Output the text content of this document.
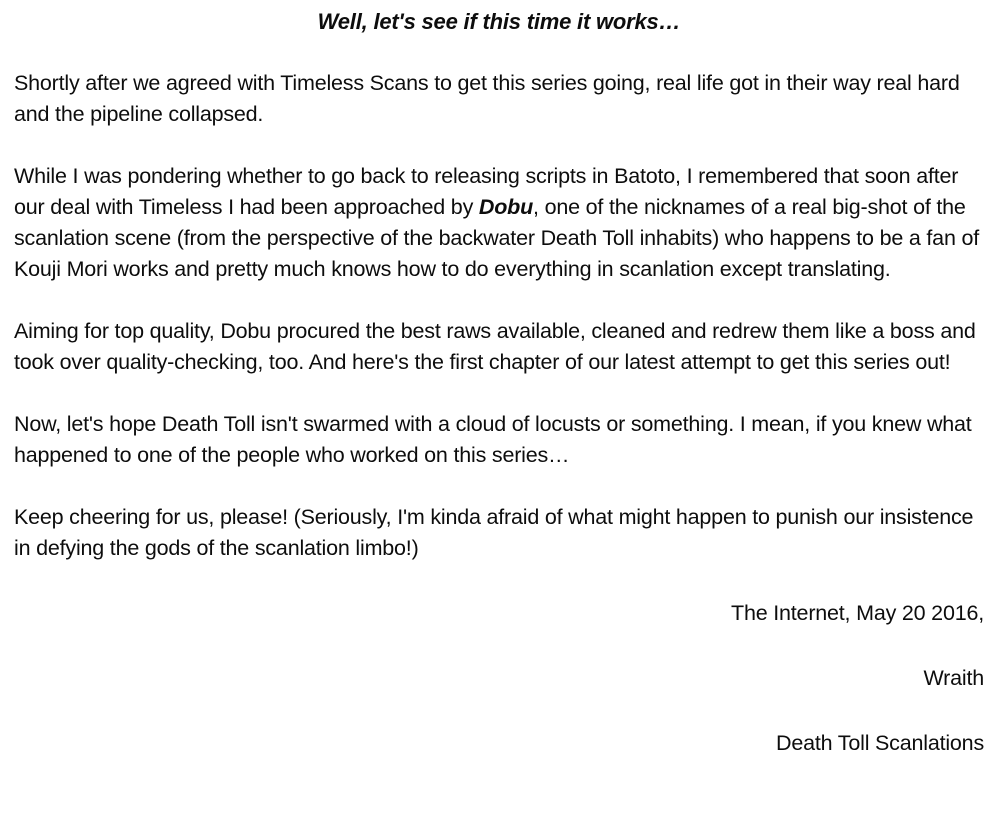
Well, let's see if this time it works…

Shortly after we agreed with Timeless Scans to get this series going, real life got in their way real hard and the pipeline collapsed.

While I was pondering whether to go back to releasing scripts in Batoto, I remembered that soon after our deal with Timeless I had been approached by Dobu, one of the nicknames of a real big-shot of the scanlation scene (from the perspective of the backwater Death Toll inhabits) who happens to be a fan of Kouji Mori works and pretty much knows how to do everything in scanlation except translating.

Aiming for top quality, Dobu procured the best raws available, cleaned and redrew them like a boss and took over quality-checking, too. And here's the first chapter of our latest attempt to get this series out!

Now, let's hope Death Toll isn't swarmed with a cloud of locusts or something. I mean, if you knew what happened to one of the people who worked on this series…

Keep cheering for us, please! (Seriously, I'm kinda afraid of what might happen to punish our insistence in defying the gods of the scanlation limbo!)

The Internet, May 20 2016,

Wraith

Death Toll Scanlations
